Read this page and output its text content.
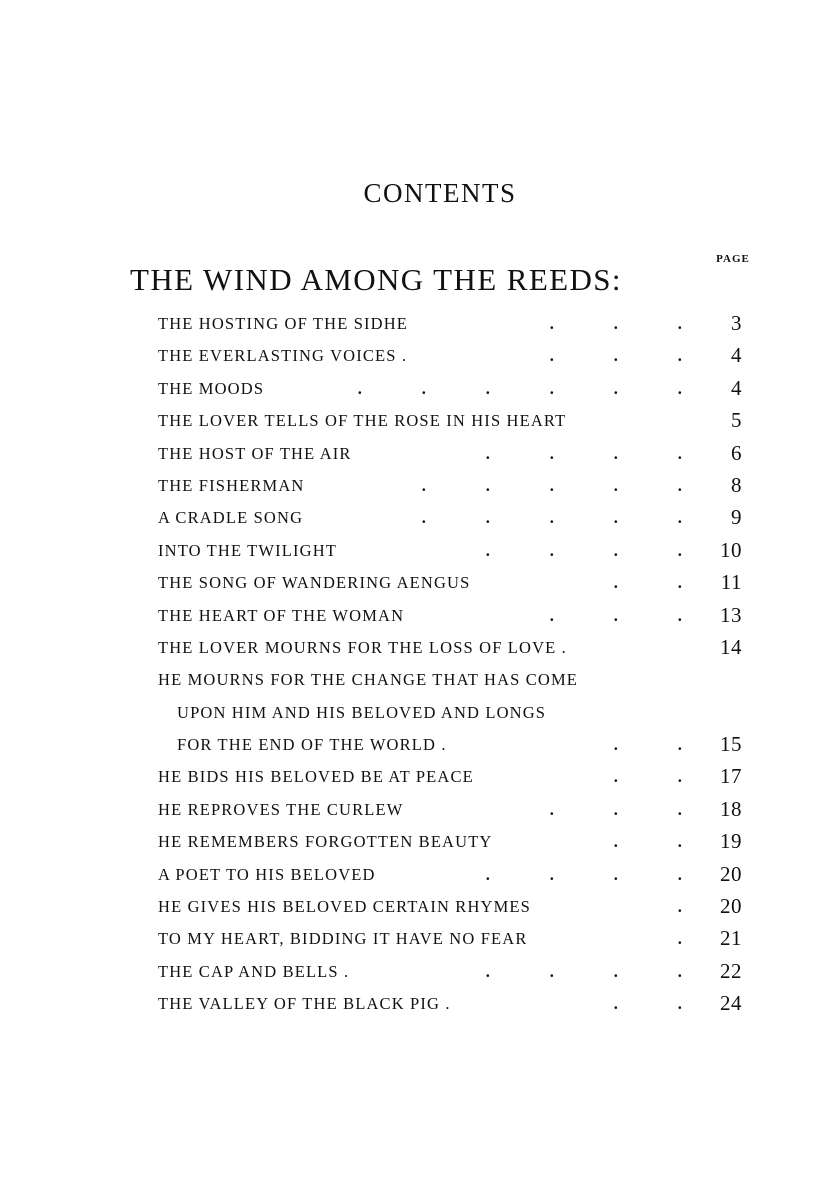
CONTENTS
PAGE
THE WIND AMONG THE REEDS:
THE HOSTING OF THE SIDHE	.	.	.	3
THE EVERLASTING VOICES .	.	.	.	4
THE MOODS	.	.	.	.	.	.	4
THE LOVER TELLS OF THE ROSE IN HIS HEART	5
THE HOST OF THE AIR	.	.	.	.	6
THE FISHERMAN	.	.	.	.	.	8
A CRADLE SONG	.	.	.	.	.	9
INTO THE TWILIGHT	.	.	.	.	10
THE SONG OF WANDERING AENGUS	.	.	11
THE HEART OF THE WOMAN	.	.	.	13
THE LOVER MOURNS FOR THE LOSS OF LOVE .	14
HE MOURNS FOR THE CHANGE THAT HAS COME
UPON HIM AND HIS BELOVED AND LONGS
FOR THE END OF THE WORLD .	.	.	15
HE BIDS HIS BELOVED BE AT PEACE	.	.	17
HE REPROVES THE CURLEW	.	.	.	18
HE REMEMBERS FORGOTTEN BEAUTY	.	.	19
A POET TO HIS BELOVED	.	.	.	.	20
HE GIVES HIS BELOVED CERTAIN RHYMES	.	20
TO MY HEART, BIDDING IT HAVE NO FEAR	.	21
THE CAP AND BELLS .	.	.	.	.	22
THE VALLEY OF THE BLACK PIG .	.	.	24
